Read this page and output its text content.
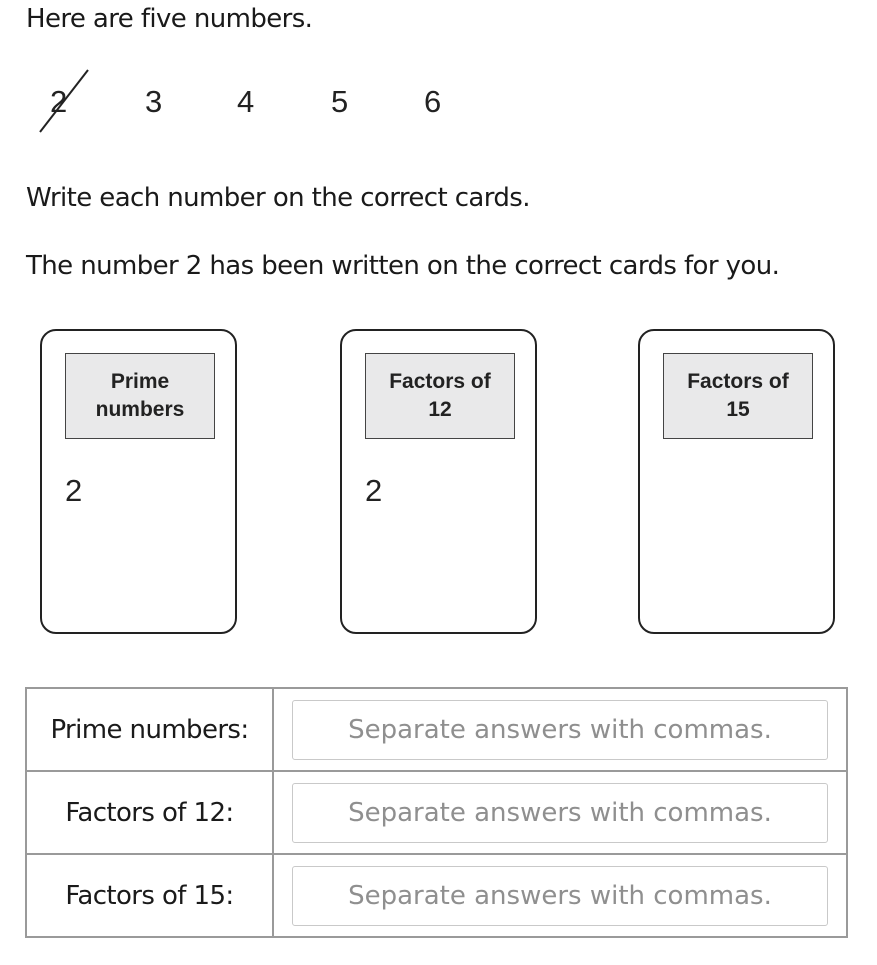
Here are five numbers.
2	3 4 5 6
Write each number on the correct cards.
The number 2 has been written on the correct cards for you.
Prime
numbers
2
Factors of
12
2
Factors of
15
Prime numbers:	
Separate answers with commas.
Factors of 12:	
Separate answers with commas.
Factors of 15:	
Separate answers with commas.
